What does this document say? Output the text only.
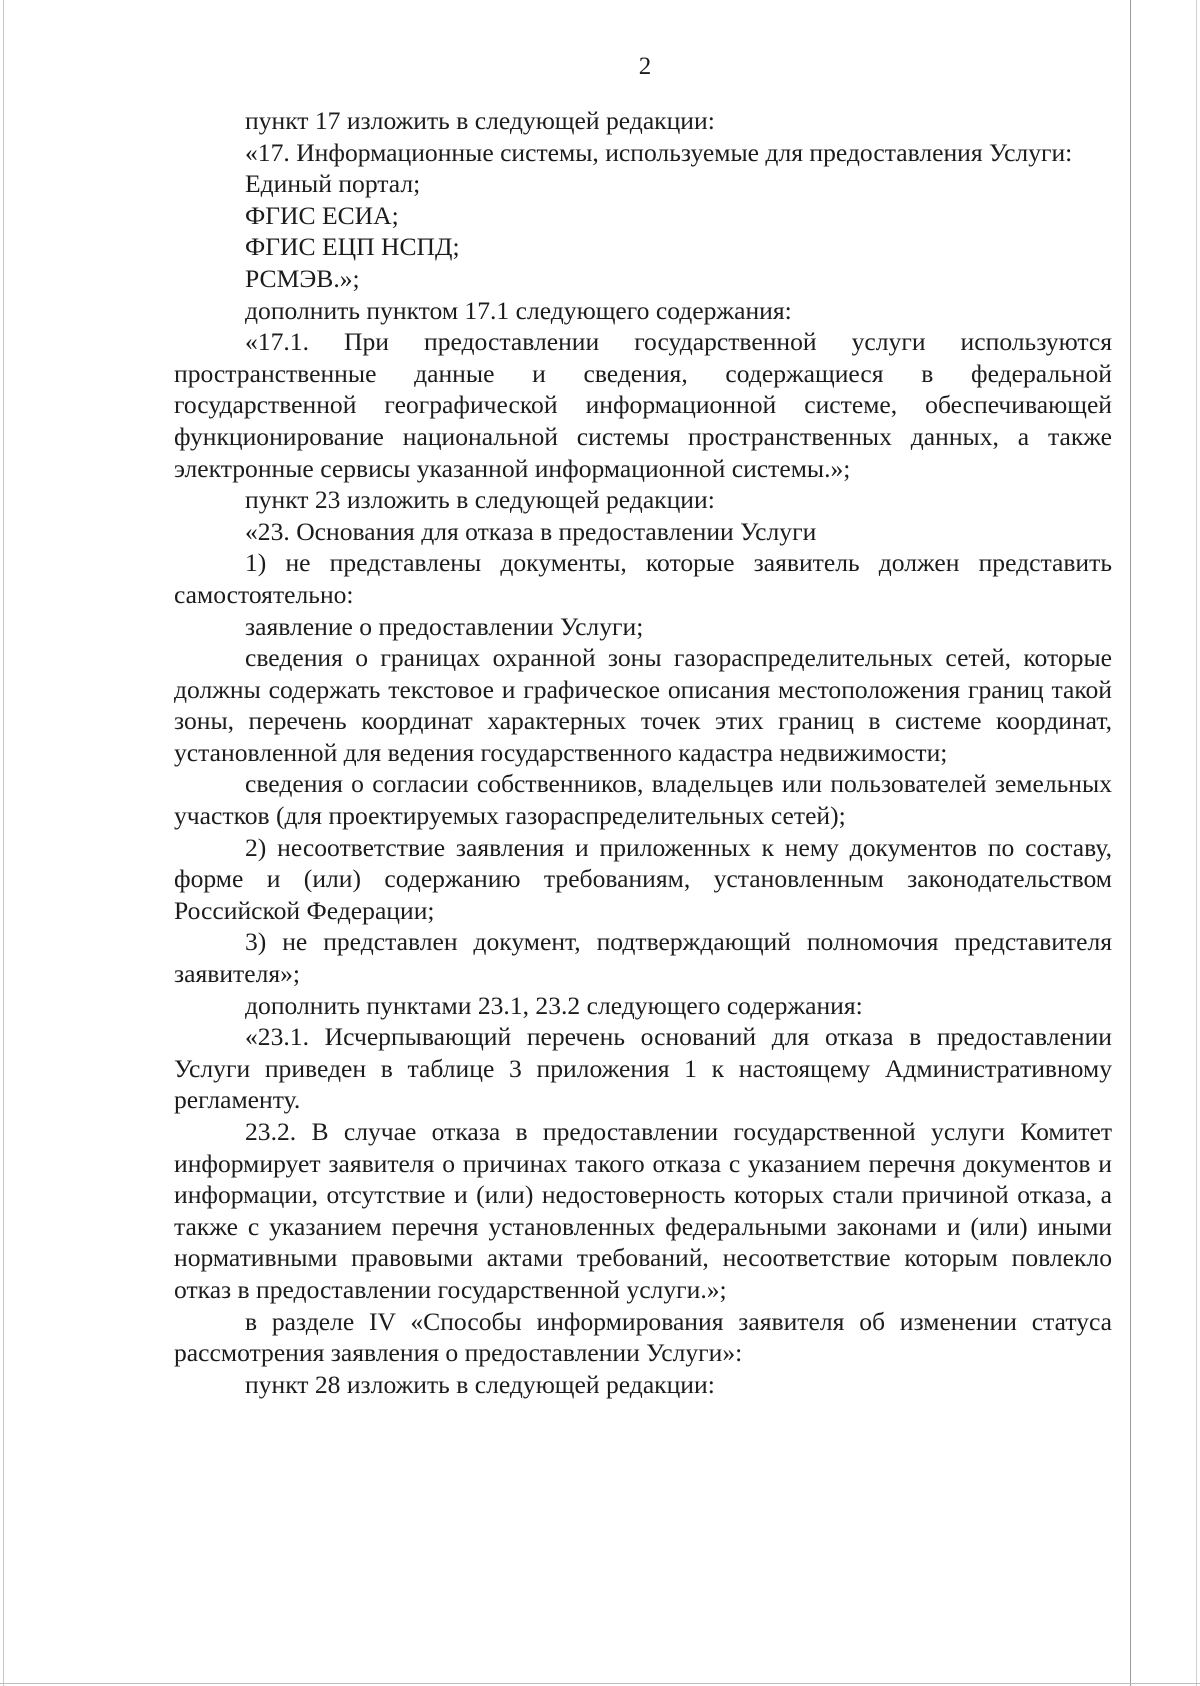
2

пункт 17 изложить в следующей редакции:

«17. Информационные системы, используемые для предоставления Услуги:

Единый портал;

ФГИС ЕСИА;

ФГИС ЕЦП НСПД;

РСМЭВ.»;

дополнить пунктом 17.1 следующего содержания:

«17.1. При предоставлении государственной услуги используются пространственные данные и сведения, содержащиеся в федеральной государственной географической информационной системе, обеспечивающей функционирование национальной системы пространственных данных, а также электронные сервисы указанной информационной системы.»;

пункт 23 изложить в следующей редакции:

«23. Основания для отказа в предоставлении Услуги

1) не представлены документы, которые заявитель должен представить самостоятельно:

заявление о предоставлении Услуги;

сведения о границах охранной зоны газораспределительных сетей, которые должны содержать текстовое и графическое описания местоположения границ такой зоны, перечень координат характерных точек этих границ в системе координат, установленной для ведения государственного кадастра недвижимости;

сведения о согласии собственников, владельцев или пользователей земельных участков (для проектируемых газораспределительных сетей);

2) несоответствие заявления и приложенных к нему документов по составу, форме и (или) содержанию требованиям, установленным законодательством Российской Федерации;

3) не представлен документ, подтверждающий полномочия представителя заявителя»;

дополнить пунктами 23.1, 23.2 следующего содержания:

«23.1. Исчерпывающий перечень оснований для отказа в предоставлении Услуги приведен в таблице 3 приложения 1 к настоящему Административному регламенту.

23.2. В случае отказа в предоставлении государственной услуги Комитет информирует заявителя о причинах такого отказа с указанием перечня документов и информации, отсутствие и (или) недостоверность которых стали причиной отказа, а также с указанием перечня установленных федеральными законами и (или) иными нормативными правовыми актами требований, несоответствие которым повлекло отказ в предоставлении государственной услуги.»;

в разделе IV «Способы информирования заявителя об изменении статуса рассмотрения заявления о предоставлении Услуги»:

пункт 28 изложить в следующей редакции:
